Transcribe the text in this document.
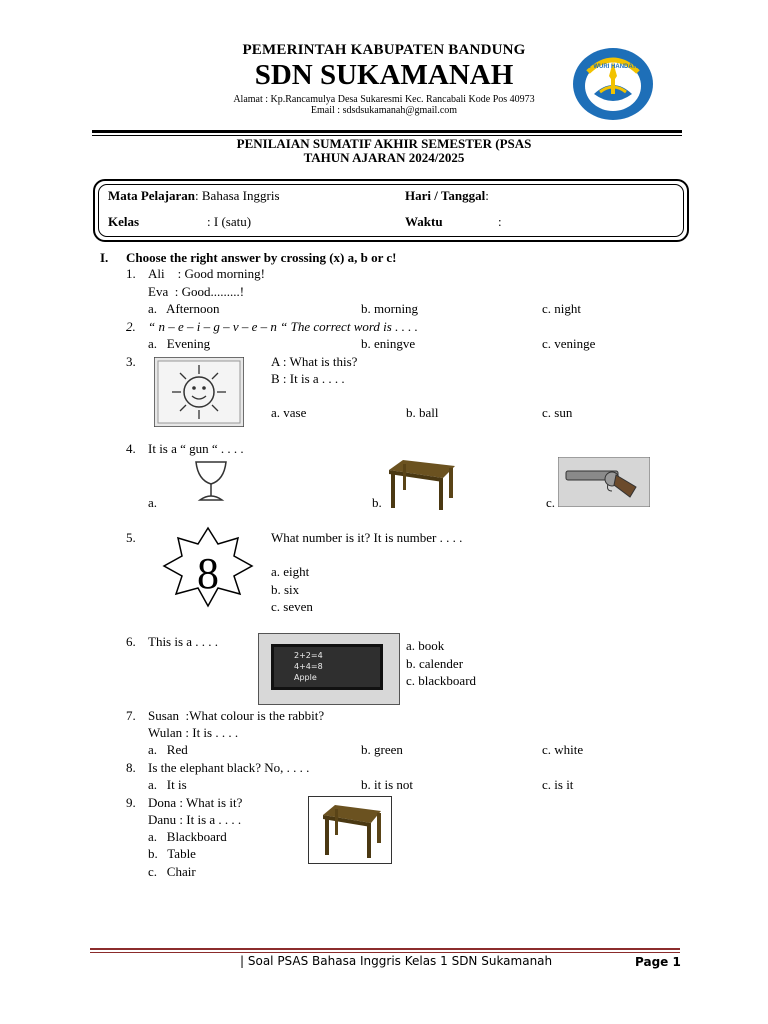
PEMERINTAH KABUPATEN BANDUNG
SDN SUKAMANAH
Alamat : Kp.Rancamulya Desa Sukaresmi Kec. Rancabali Kode Pos 40973
Email : sdsdsukamanah@gmail.com
TUT WURI HANDAYANI
PENILAIAN SUMATIF AKHIR SEMESTER (PSAS
TAHUN AJARAN 2024/2025
Mata Pelajaran: Bahasa Inggris	Hari / Tanggal:
Kelas	: I (satu)	Waktu	:
I. Choose the right answer by crossing (x) a, b or c!
1. Ali    : Good morning!
Eva  : Good.........!
a.   Afternoon	b. morning	c. night
2. “ n – e – i – g – v – e – n “ The correct word is . . . .
a.   Evening	b. eningve	c. veninge
3.	A : What is this?
B : It is a . . . .
a. vase	b. ball	c. sun
4. It is a “ gun “ . . . .
a.	b.	c.
5.
8
What number is it? It is number . . . .
a. eight
b. six
c. seven
6. This is a . . . .
2+2=4
4+4=8
Apple
a. book
b. calender
c. blackboard
7. Susan  :What colour is the rabbit?
Wulan : It is . . . .
a.   Red	b. green	c. white
8. Is the elephant black? No, . . . .
a.   It is	b. it is not	c. is it
9. Dona : What is it?
Danu : It is a . . . .
a.   Blackboard
b.   Table
c.   Chair
| Soal PSAS Bahasa Inggris Kelas 1 SDN Sukamanah	Page 1
